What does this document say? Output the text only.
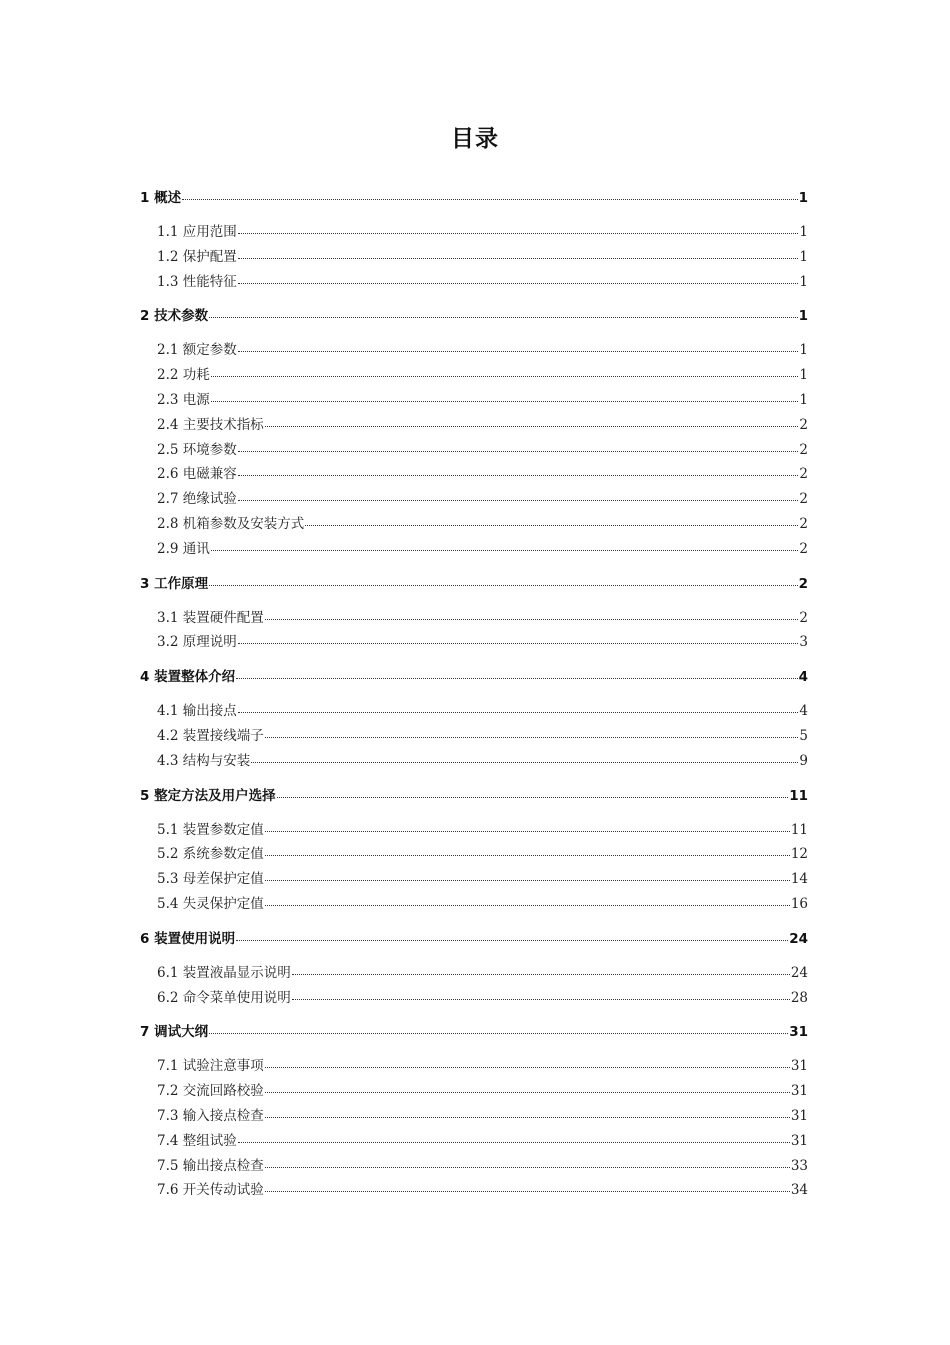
目录
1 概述	1
1.1 应用范围	1
1.2 保护配置	1
1.3 性能特征	1
2 技术参数	1
2.1 额定参数	1
2.2 功耗	1
2.3 电源	1
2.4 主要技术指标	2
2.5 环境参数	2
2.6 电磁兼容	2
2.7 绝缘试验	2
2.8 机箱参数及安装方式	2
2.9 通讯	2
3 工作原理	2
3.1 装置硬件配置	2
3.2 原理说明	3
4 装置整体介绍	4
4.1 输出接点	4
4.2 装置接线端子	5
4.3 结构与安装	9
5 整定方法及用户选择	11
5.1 装置参数定值	11
5.2 系统参数定值	12
5.3 母差保护定值	14
5.4 失灵保护定值	16
6 装置使用说明	24
6.1 装置液晶显示说明	24
6.2 命令菜单使用说明	28
7 调试大纲	31
7.1 试验注意事项	31
7.2 交流回路校验	31
7.3 输入接点检查	31
7.4 整组试验	31
7.5 输出接点检查	33
7.6 开关传动试验	34
